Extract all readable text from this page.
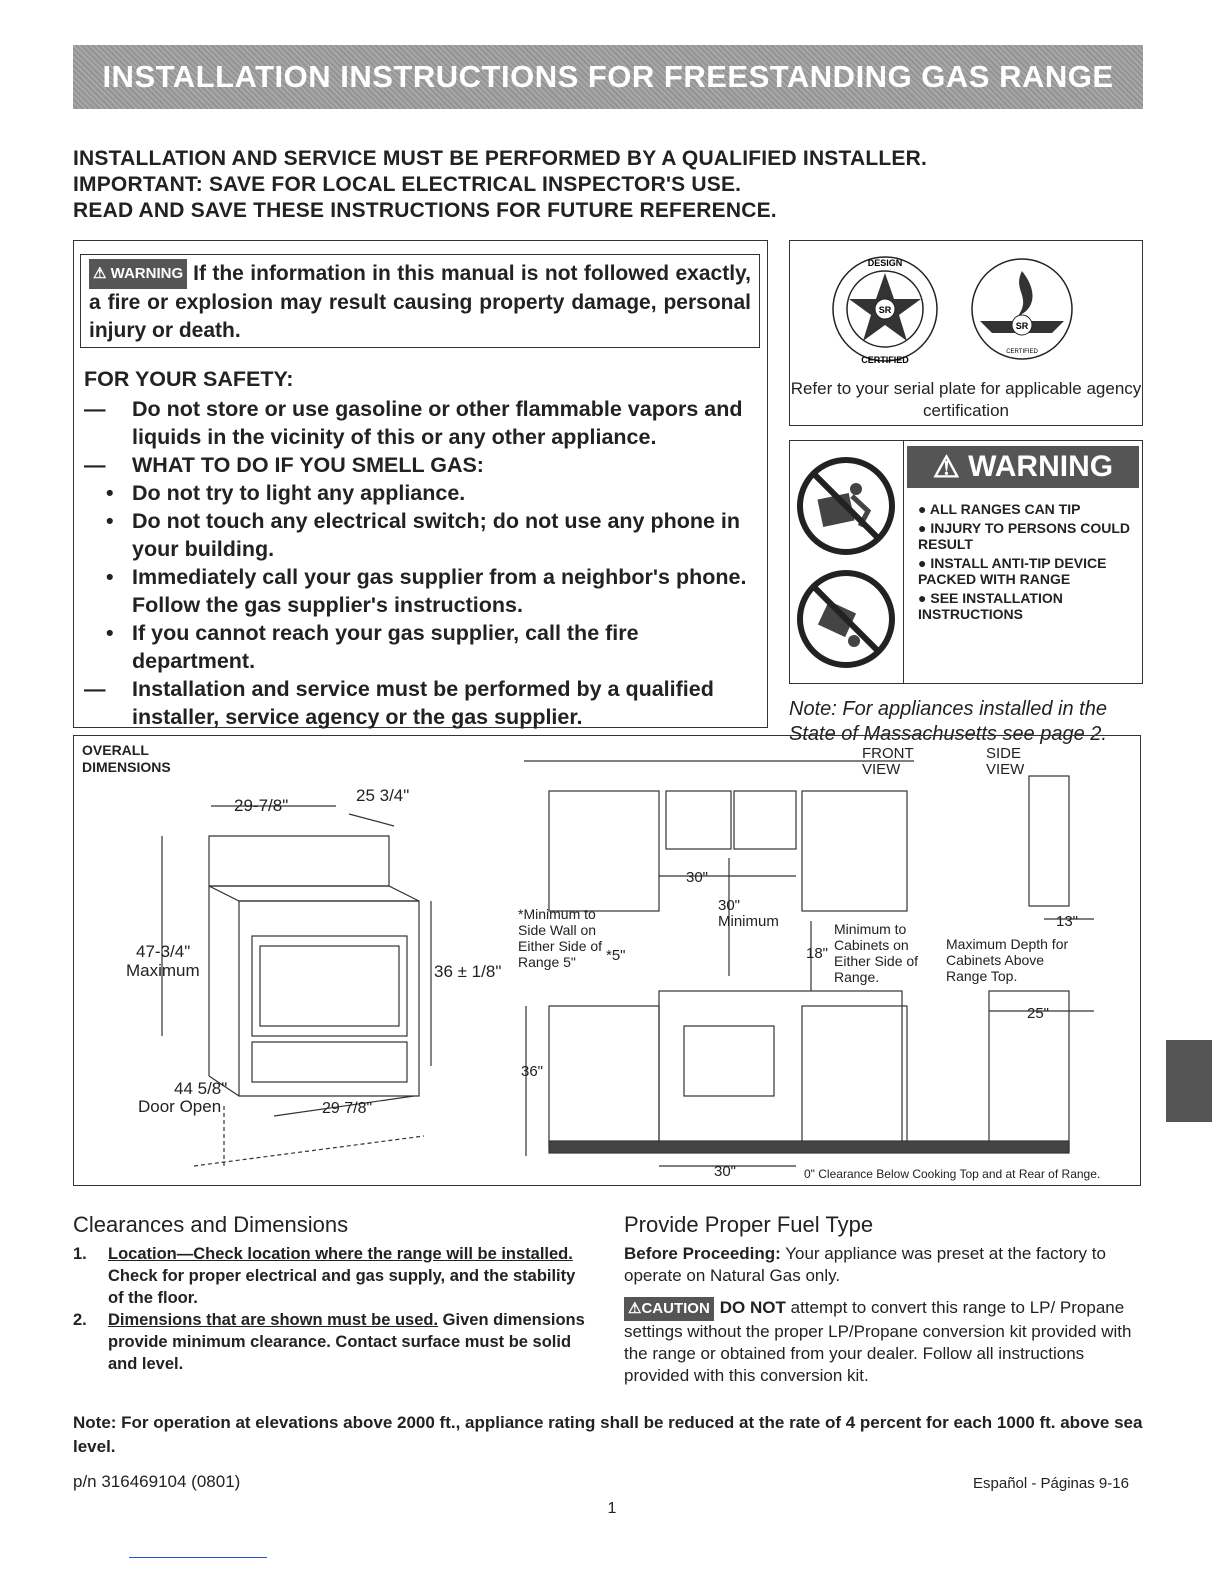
INSTALLATION INSTRUCTIONS FOR FREESTANDING GAS RANGE
INSTALLATION AND SERVICE MUST BE PERFORMED BY A QUALIFIED INSTALLER.
IMPORTANT: SAVE FOR LOCAL ELECTRICAL INSPECTOR'S USE.
READ AND SAVE THESE INSTRUCTIONS FOR FUTURE REFERENCE.
⚠ WARNING If the information in this manual is not followed exactly, a fire or explosion may result causing property damage, personal injury or death.
FOR YOUR SAFETY:
— Do not store or use gasoline or other flammable vapors and liquids in the vicinity of this or any other appliance.
— WHAT TO DO IF YOU SMELL GAS:
• Do not try to light any appliance.
• Do not touch any electrical switch; do not use any phone in your building.
• Immediately call your gas supplier from a neighbor's phone. Follow the gas supplier's instructions.
• If you cannot reach your gas supplier, call the fire department.
— Installation and service must be performed by a qualified installer, service agency or the gas supplier.
SR
DESIGN
CERTIFIED
SR
CERTIFIED
Refer to your serial plate for applicable agency certification
⚠ WARNING
● ALL RANGES CAN TIP
● INJURY TO PERSONS COULD RESULT
● INSTALL ANTI-TIP DEVICE PACKED WITH RANGE
● SEE INSTALLATION INSTRUCTIONS
Note: For appliances installed in the State of Massachusetts see page 2.
OVERALL
DIMENSIONS
29-7/8"
25 3/4"
47-3/4"
Maximum	36 ± 1/8"
44 5/8"
Door Open	29 7/8"
FRONT VIEW
SIDE VIEW
30"
30"
Minimum
*Minimum to Side Wall on Either Side of Range 5"	*5"	18"
Minimum to Cabinets on Either Side of Range.
13"
Maximum Depth for Cabinets Above Range Top.
25"
36"
30"	0" Clearance Below Cooking Top and at Rear of Range.
Clearances and Dimensions
1. Location—Check location where the range will be installed. Check for proper electrical and gas supply, and the stability of the floor.
2. Dimensions that are shown must be used. Given dimensions provide minimum clearance. Contact surface must be solid and level.
Provide Proper Fuel Type
Before Proceeding: Your appliance was preset at the factory to operate on Natural Gas only.
⚠CAUTION DO NOT attempt to convert this range to LP/ Propane settings without the proper LP/Propane conversion kit provided with the range or obtained from your dealer. Follow all instructions provided with this conversion kit.
Note: For operation at elevations above 2000 ft., appliance rating shall be reduced at the rate of 4 percent for each 1000 ft. above sea level.
p/n 316469104 (0801)	Español - Páginas 9-16
1
